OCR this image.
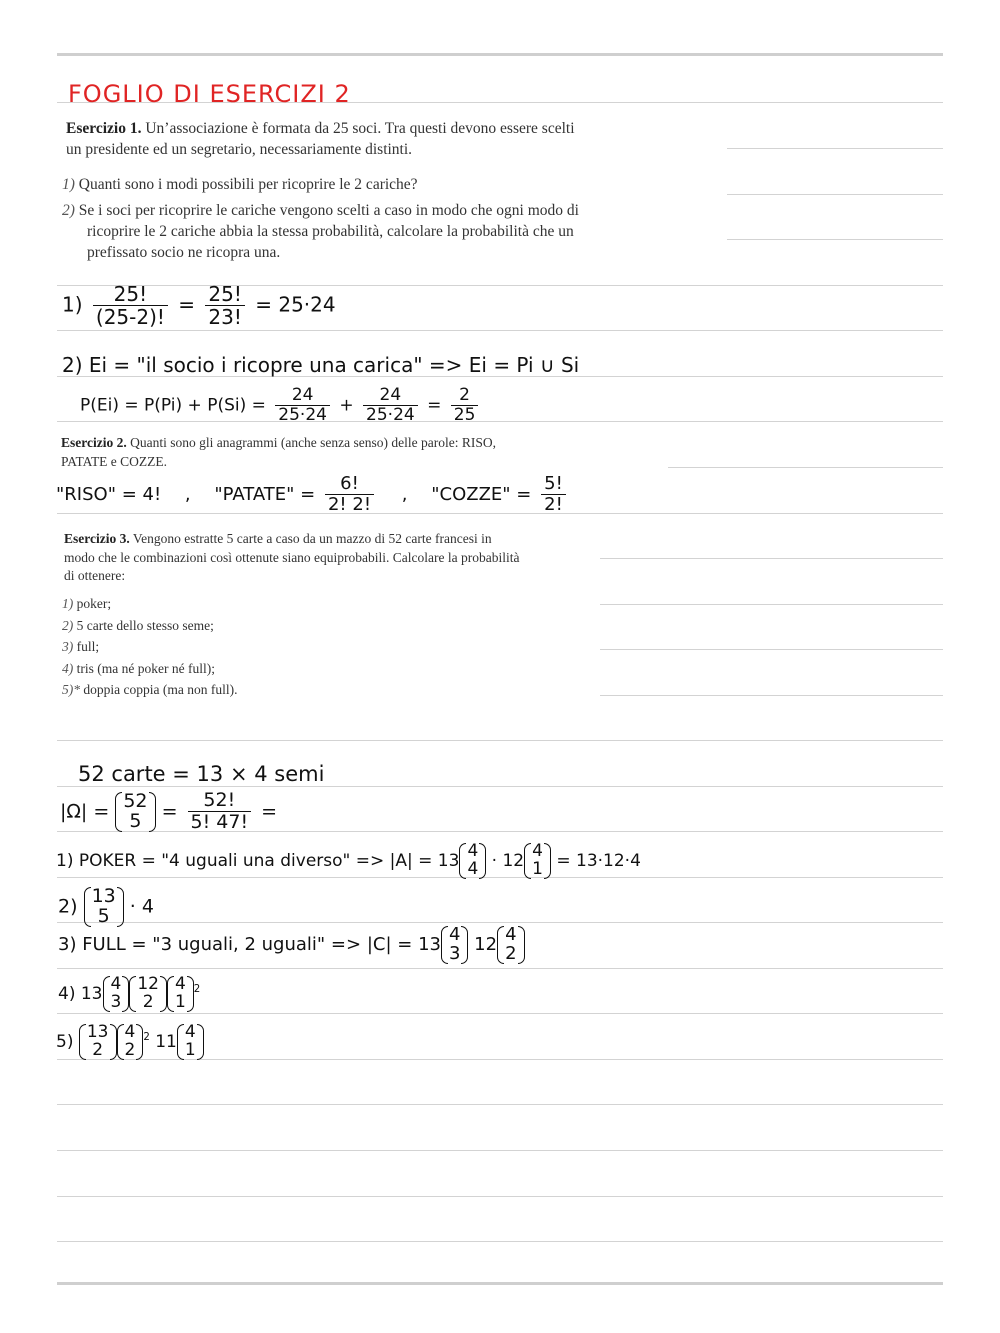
FOGLIO DI ESERCIZI 2
Esercizio 1. Un’associazione è formata da 25 soci. Tra questi devono essere scelti
un presidente ed un segretario, necessariamente distinti.
1) Quanti sono i modi possibili per ricoprire le 2 cariche?
2) Se i soci per ricoprire le cariche vengono scelti a caso in modo che ogni modo di
ricoprire le 2 cariche abbia la stessa probabilità, calcolare la probabilità che un
prefissato socio ne ricopra una.
$1) \frac{25!}{(25-2)!} = \frac{25!}{23!} = 25\cdot 24$
2) Ei = "il socio i ricopre una carica" => Ei = Pi ∪ Si
$P(Ei) = P(Pi) + P(Si) = \frac{24}{25\cdot 24} + \frac{24}{25\cdot 24} = \frac{2}{25}$
Esercizio 2. Quanti sono gli anagrammi (anche senza senso) delle parole: RISO,
PATATE e COZZE.
"RISO" = 4! , "PATATE" = $\frac{6!}{2! 2!}$ , "COZZE" = $\frac{5!}{2!}$
Esercizio 3. Vengono estratte 5 carte a caso da un mazzo di 52 carte francesi in
modo che le combinazioni così ottenute siano equiprobabili. Calcolare la probabilità
di ottenere:
1) poker;
2) 5 carte dello stesso seme;
3) full;
4) tris (ma né poker né full);
5)* doppia coppia (ma non full).
52 carte = 13 × 4 semi
|Ω| = 52
5	= $\frac{52!}{5! 47!}$ =
1) POKER = "4 uguali una diverso" => |A| = 13 4
4 · 12 4
1 = 13·12·4
2) 13
5	· 4
3) FULL = "3 uguali, 2 uguali" => |C| = 13 4
3 12 4
2
4) 13 4
3
12
2
4
1
$^2$
5) 13
2
4
2
$^2$ 11 4
1
